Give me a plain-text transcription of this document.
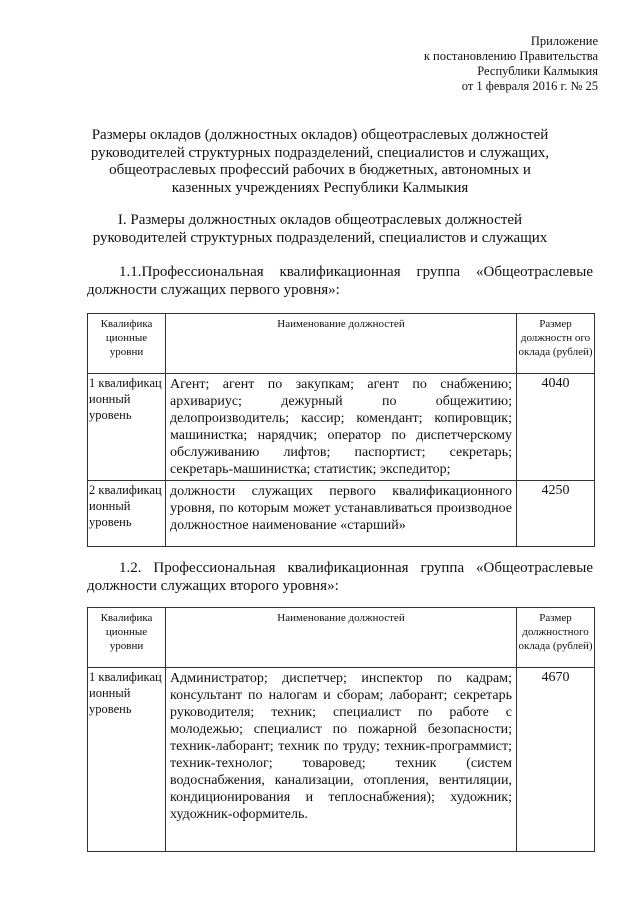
Приложение
к постановлению Правительства
Республики Калмыкия
от 1 февраля 2016 г. № 25
Размеры окладов (должностных окладов) общеотраслевых должностей руководителей структурных подразделений, специалистов и служащих, общеотраслевых профессий рабочих в бюджетных, автономных и казенных учреждениях Республики Калмыкия
I. Размеры должностных окладов общеотраслевых должностей руководителей структурных подразделений, специалистов и служащих
1.1.Профессиональная квалификационная группа «Общеотраслевые должности служащих первого уровня»:
Квалифика ционные уровни	Наименование должностей	Размер должностн ого оклада (рублей)
1 квалификац ионный уровень	Агент; агент по закупкам; агент по снабжению; архивариус; дежурный по общежитию; делопроизводитель; кассир; комендант; копировщик; машинистка; нарядчик; оператор по диспетчерскому обслуживанию лифтов; паспортист; секретарь; секретарь-машинистка; статистик; экспедитор;	4040
2 квалификац ионный уровень	должности служащих первого квалификационного уровня, по которым может устанавливаться производное должностное наименование «старший»	4250
1.2. Профессиональная квалификационная группа «Общеотраслевые должности служащих второго уровня»:
Квалифика ционные уровни	Наименование должностей	Размер должностного оклада (рублей)
1 квалификац ионный уровень	Администратор; диспетчер; инспектор по кадрам; консультант по налогам и сборам; лаборант; секретарь руководителя; техник; специалист по работе с молодежью; специалист по пожарной безопасности; техник-лаборант; техник по труду; техник-программист; техник-технолог; товаровед; техник (систем водоснабжения, канализации, отопления, вентиляции, кондиционирования и теплоснабжения); художник; художник-оформитель.	4670
